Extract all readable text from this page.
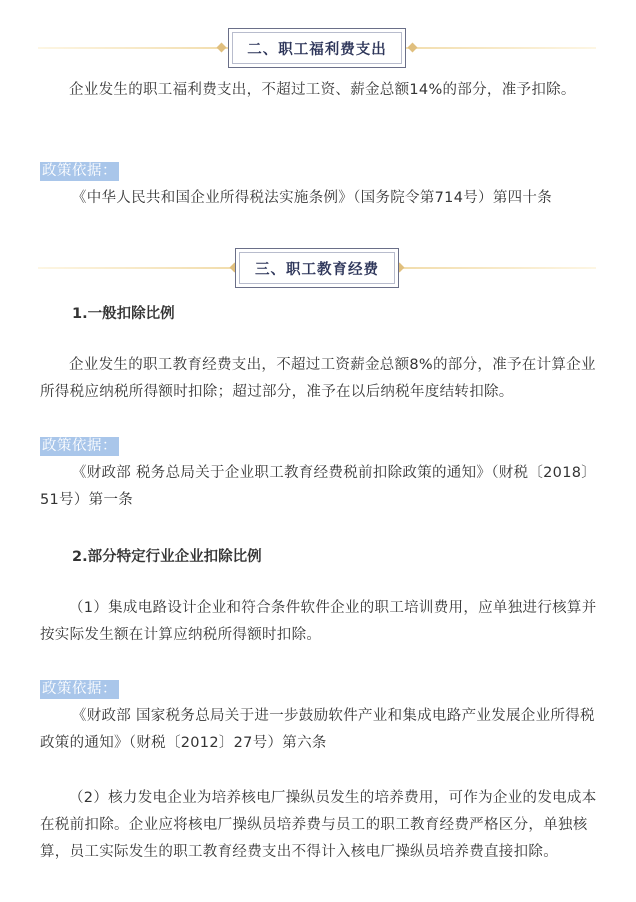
二、职工福利费支出

企业发生的职工福利费支出，不超过工资、薪金总额14%的部分，准予扣除。

政策依据：

《中华人民共和国企业所得税法实施条例》（国务院令第714号）第四十条

三、职工教育经费

1.一般扣除比例

企业发生的职工教育经费支出，不超过工资薪金总额8%的部分，准予在计算企业所得税应纳税所得额时扣除；超过部分，准予在以后纳税年度结转扣除。

政策依据：

《财政部 税务总局关于企业职工教育经费税前扣除政策的通知》（财税〔2018〕51号）第一条

2.部分特定行业企业扣除比例

（1）集成电路设计企业和符合条件软件企业的职工培训费用，应单独进行核算并按实际发生额在计算应纳税所得额时扣除。

政策依据：

《财政部 国家税务总局关于进一步鼓励软件产业和集成电路产业发展企业所得税政策的通知》（财税〔2012〕27号）第六条

（2）核力发电企业为培养核电厂操纵员发生的培养费用，可作为企业的发电成本在税前扣除。企业应将核电厂操纵员培养费与员工的职工教育经费严格区分，单独核算，员工实际发生的职工教育经费支出不得计入核电厂操纵员培养费直接扣除。
